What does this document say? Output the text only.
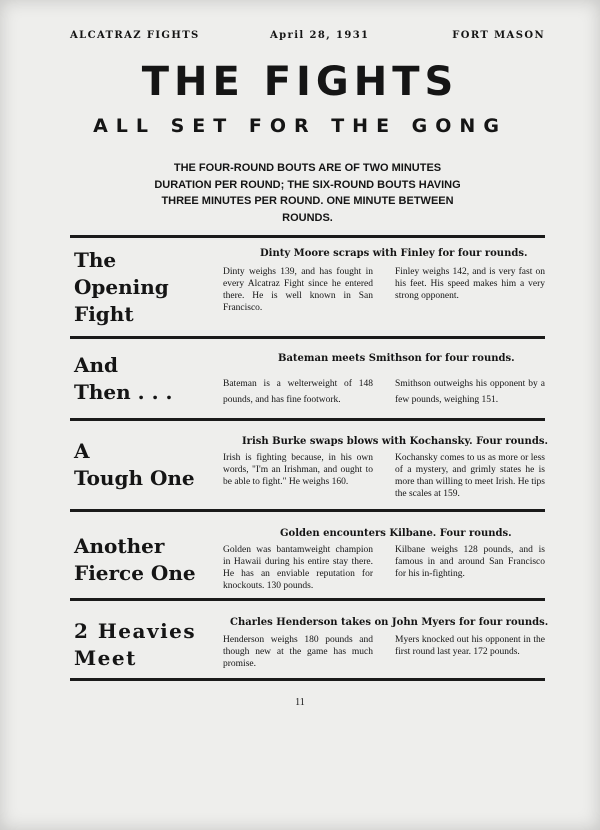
ALCATRAZ FIGHTS	April 28, 1931	FORT MASON
THE FIGHTS
ALL SET FOR THE GONG
THE FOUR-ROUND BOUTS ARE OF TWO MINUTES DURATION PER ROUND; THE SIX-ROUND BOUTS HAVING THREE MINUTES PER ROUND. ONE MINUTE BETWEEN ROUNDS.
The
Opening
Fight
Dinty Moore scraps with Finley for four rounds.
Dinty weighs 139, and has fought in every Alcatraz Fight since he entered there. He is well known in San Francisco.
Finley weighs 142, and is very fast on his feet. His speed makes him a very strong opponent.
And
Then . . .
Bateman meets Smithson for four rounds.
Bateman is a welterweight of 148 pounds, and has fine footwork.
Smithson outweighs his opponent by a few pounds, weighing 151.
A
Tough One
Irish Burke swaps blows with Kochansky. Four rounds.
Irish is fighting because, in his own words, "I'm an Irishman, and ought to be able to fight." He weighs 160.
Kochansky comes to us as more or less of a mystery, and grimly states he is more than willing to meet Irish. He tips the scales at 159.
Another
Fierce One
Golden encounters Kilbane. Four rounds.
Golden was bantamweight champion in Hawaii during his entire stay there. He has an enviable reputation for knockouts. 130 pounds.
Kilbane weighs 128 pounds, and is famous in and around San Francisco for his in-fighting.
2 Heavies
Meet
Charles Henderson takes on John Myers for four rounds.
Henderson weighs 180 pounds and though new at the game has much promise.
Myers knocked out his opponent in the first round last year. 172 pounds.
11
